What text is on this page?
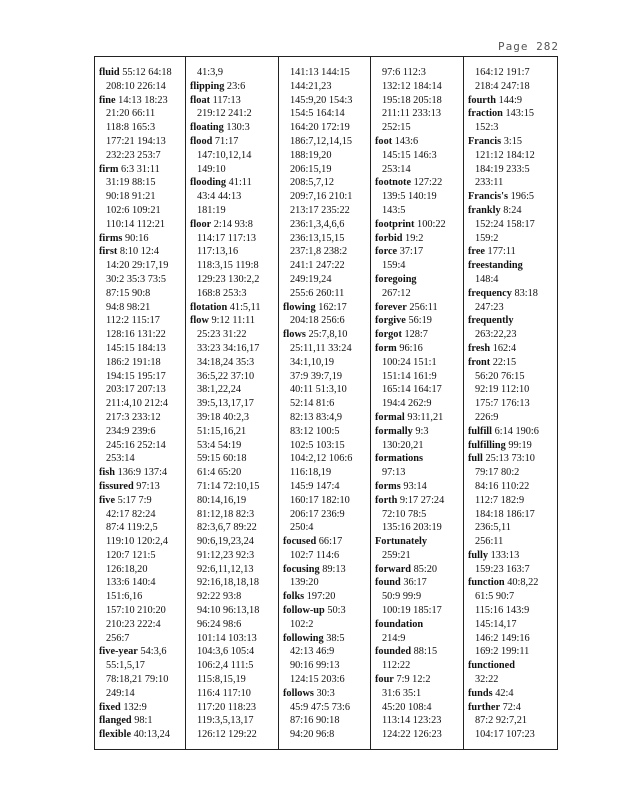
Page 282
fluid 55:12 64:18
208:10 226:14
fine 14:13 18:23
21:20 66:11
118:8 165:3
177:21 194:13
232:23 253:7
firm 6:3 31:11
31:19 88:15
90:18 91:21
102:6 109:21
110:14 112:21
firms 90:16
first 8:10 12:4
14:20 29:17,19
30:2 35:3 73:5
87:15 90:8
94:8 98:21
112:2 115:17
128:16 131:22
145:15 184:13
186:2 191:18
194:15 195:17
203:17 207:13
211:4,10 212:4
217:3 233:12
234:9 239:6
245:16 252:14
253:14
fish 136:9 137:4
fissured 97:13
five 5:17 7:9
42:17 82:24
87:4 119:2,5
119:10 120:2,4
120:7 121:5
126:18,20
133:6 140:4
151:6,16
157:10 210:20
210:23 222:4
256:7
five-year 54:3,6
55:1,5,17
78:18,21 79:10
249:14
fixed 132:9
flanged 98:1
flexible 40:13,24
41:3,9
flipping 23:6
float 117:13
219:12 241:2
floating 130:3
flood 71:17
147:10,12,14
149:10
flooding 41:11
43:4 44:13
181:19
floor 2:14 93:8
114:17 117:13
117:13,16
118:3,15 119:8
129:23 130:2,2
168:8 253:3
flotation 41:5,11
flow 9:12 11:11
25:23 31:22
33:23 34:16,17
34:18,24 35:3
36:5,22 37:10
38:1,22,24
39:5,13,17,17
39:18 40:2,3
51:15,16,21
53:4 54:19
59:15 60:18
61:4 65:20
71:14 72:10,15
80:14,16,19
81:12,18 82:3
82:3,6,7 89:22
90:6,19,23,24
91:12,23 92:3
92:6,11,12,13
92:16,18,18,18
92:22 93:8
94:10 96:13,18
96:24 98:6
101:14 103:13
104:3,6 105:4
106:2,4 111:5
115:8,15,19
116:4 117:10
117:20 118:23
119:3,5,13,17
126:12 129:22
141:13 144:15
144:21,23
145:9,20 154:3
154:5 164:14
164:20 172:19
186:7,12,14,15
188:19,20
206:15,19
208:5,7,12
209:7,16 210:1
213:17 235:22
236:1,3,4,6,6
236:13,15,15
237:1,8 238:2
241:1 247:22
249:19,24
255:6 260:11
flowing 162:17
204:18 256:6
flows 25:7,8,10
25:11,11 33:24
34:1,10,19
37:9 39:7,19
40:11 51:3,10
52:14 81:6
82:13 83:4,9
83:12 100:5
102:5 103:15
104:2,12 106:6
116:18,19
145:9 147:4
160:17 182:10
206:17 236:9
250:4
focused 66:17
102:7 114:6
focusing 89:13
139:20
folks 197:20
follow-up 50:3
102:2
following 38:5
42:13 46:9
90:16 99:13
124:15 203:6
follows 30:3
45:9 47:5 73:6
87:16 90:18
94:20 96:8
97:6 112:3
132:12 184:14
195:18 205:18
211:11 233:13
252:15
foot 143:6
145:15 146:3
253:14
footnote 127:22
139:5 140:19
143:5
footprint 100:22
forbid 19:2
force 37:17
159:4
foregoing
267:12
forever 256:11
forgive 56:19
forgot 128:7
form 96:16
100:24 151:1
151:14 161:9
165:14 164:17
194:4 262:9
formal 93:11,21
formally 9:3
130:20,21
formations
97:13
forms 93:14
forth 9:17 27:24
72:10 78:5
135:16 203:19
Fortunately
259:21
forward 85:20
found 36:17
50:9 99:9
100:19 185:17
foundation
214:9
founded 88:15
112:22
four 7:9 12:2
31:6 35:1
45:20 108:4
113:14 123:23
124:22 126:23
164:12 191:7
218:4 247:18
fourth 144:9
fraction 143:15
152:3
Francis 3:15
121:12 184:12
184:19 233:5
233:11
Francis's 196:5
frankly 8:24
152:24 158:17
159:2
free 177:11
freestanding
148:4
frequency 83:18
247:23
frequently
263:22,23
fresh 162:4
front 22:15
56:20 76:15
92:19 112:10
175:7 176:13
226:9
fulfill 6:14 190:6
fulfilling 99:19
full 25:13 73:10
79:17 80:2
84:16 110:22
112:7 182:9
184:18 186:17
236:5,11
256:11
fully 133:13
159:23 163:7
function 40:8,22
61:5 90:7
115:16 143:9
145:14,17
146:2 149:16
169:2 199:11
functioned
32:22
funds 42:4
further 72:4
87:2 92:7,21
104:17 107:23
